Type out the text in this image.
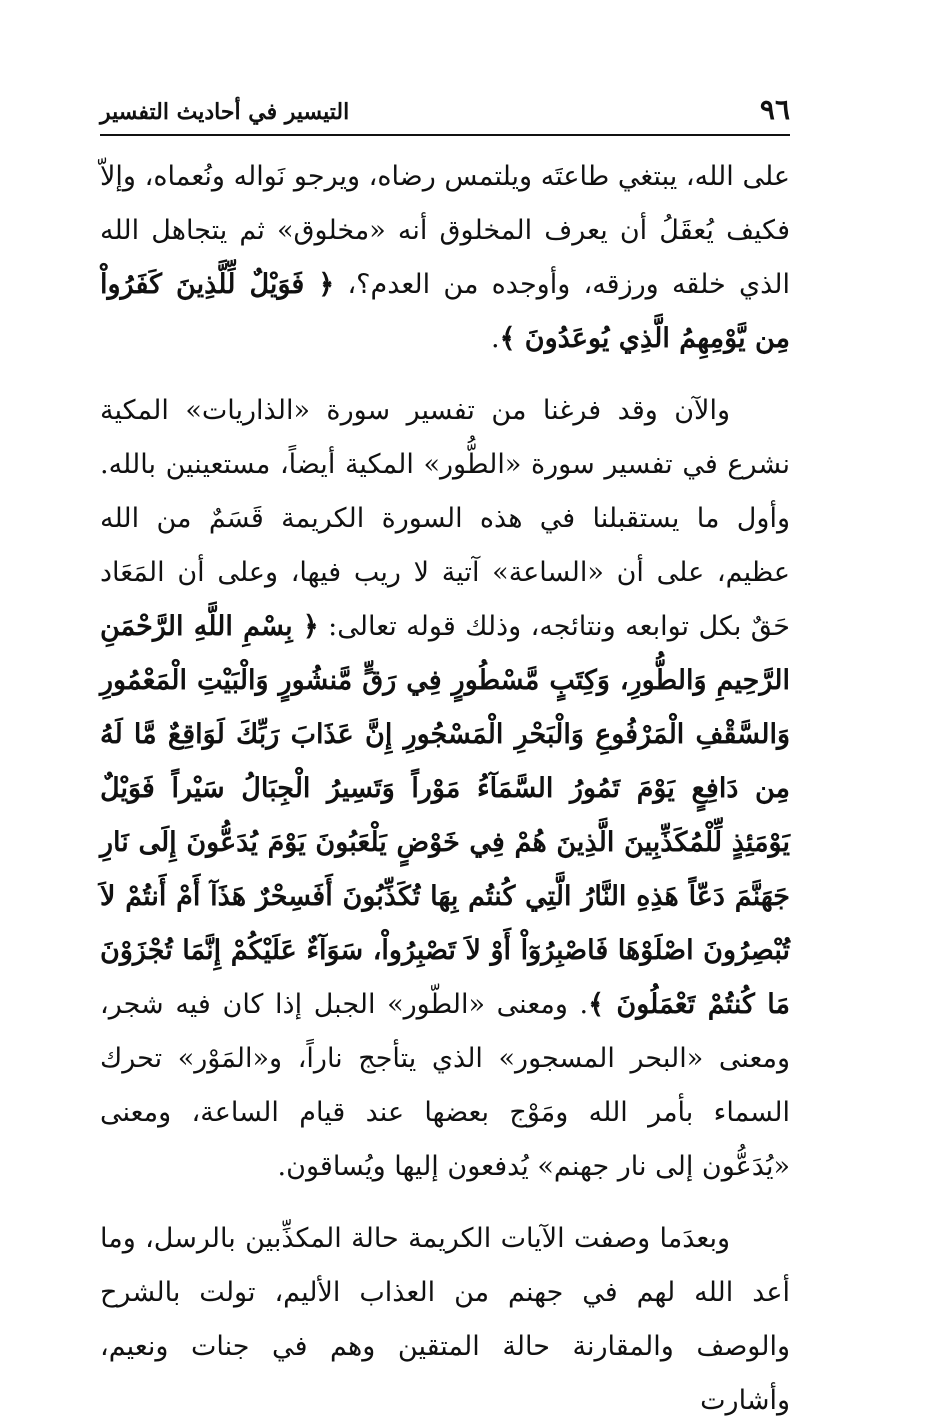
٩٦
التيسير في أحاديث التفسير

على الله، يبتغي طاعتَه ويلتمس رضاه، ويرجو نَواله ونُعماه، وإلاّ فكيف يُعقَلُ أن يعرف المخلوق أنه «مخلوق» ثم يتجاهل الله الذي خلقه ورزقه، وأوجده من العدم؟، ﴿ فَوَيْلٌ لِّلَّذِينَ كَفَرُواْ مِن يَّوْمِهِمُ الَّذِي يُوعَدُونَ ﴾.

والآن وقد فرغنا من تفسير سورة «الذاريات» المكية نشرع في تفسير سورة «الطُّور» المكية أيضاً، مستعينين بالله. وأول ما يستقبلنا في هذه السورة الكريمة قَسَمٌ من الله عظيم، على أن «الساعة» آتية لا ريب فيها، وعلى أن المَعَاد حَقٌ بكل توابعه ونتائجه، وذلك قوله تعالى: ﴿ بِسْمِ اللَّهِ الرَّحْمَنِ الرَّحِيمِ وَالطُّورِ، وَكِتَبٍ مَّسْطُورٍ فِي رَقٍّ مَّنشُورٍ وَالْبَيْتِ الْمَعْمُورِ وَالسَّقْفِ الْمَرْفُوعِ وَالْبَحْرِ الْمَسْجُورِ إِنَّ عَذَابَ رَبِّكَ لَوَاقِعٌ مَّا لَهُ مِن دَافِعٍ يَوْمَ تَمُورُ السَّمَآءُ مَوْراً وَتَسِيرُ الْجِبَالُ سَيْراً فَوَيْلٌ يَوْمَئِذٍ لِّلْمُكَذِّبِينَ الَّذِينَ هُمْ فِي خَوْضٍ يَلْعَبُونَ يَوْمَ يُدَعُّونَ إِلَى نَارِ جَهَنَّمَ دَعّاً هَذِهِ النَّارُ الَّتِي كُنتُم بِهَا تُكَذِّبُونَ أَفَسِحْرٌ هَذَآ أَمْ أَنتُمْ لاَ تُبْصِرُونَ اصْلَوْهَا فَاصْبِرُوٓاْ أَوْ لاَ تَصْبِرُواْ، سَوَآءٌ عَلَيْكُمْ إِنَّمَا تُجْزَوْنَ مَا كُنتُمْ تَعْمَلُونَ ﴾. ومعنى «الطّور» الجبل إذا كان فيه شجر، ومعنى «البحر المسجور» الذي يتأجج ناراً، و«المَوْر» تحرك السماء بأمر الله ومَوْج بعضها عند قيام الساعة، ومعنى «يُدَعُّون إلى نار جهنم» يُدفعون إليها ويُساقون.

وبعدَما وصفت الآيات الكريمة حالة المكذِّبين بالرسل، وما أعد الله لهم في جهنم من العذاب الأليم، تولت بالشرح والوصف والمقارنة حالة المتقين وهم في جنات ونعيم، وأشارت
